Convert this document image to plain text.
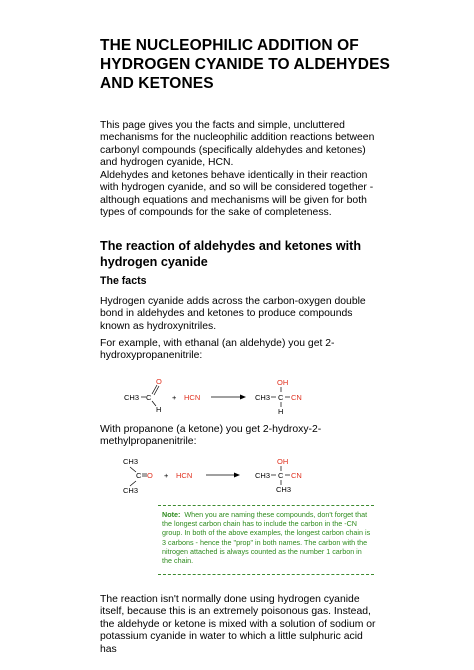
THE NUCLEOPHILIC ADDITION OF HYDROGEN CYANIDE TO ALDEHYDES AND KETONES

This page gives you the facts and simple, uncluttered mechanisms for the nucleophilic addition reactions between carbonyl compounds (specifically aldehydes and ketones) and hydrogen cyanide, HCN.

Aldehydes and ketones behave identically in their reaction with hydrogen cyanide, and so will be considered together - although equations and mechanisms will be given for both types of compounds for the sake of completeness.

The reaction of aldehydes and ketones with hydrogen cyanide
The facts

Hydrogen cyanide adds across the carbon-oxygen double bond in aldehydes and ketones to produce compounds known as hydroxynitriles.

For example, with ethanal (an aldehyde) you get 2-hydroxypropanenitrile:

CH3 C
O
H
+ HCN
OH
CH3 C CN
H

With propanone (a ketone) you get 2-hydroxy-2-methylpropanenitrile:

CH3
C O
CH3
+ HCN
OH
CH3 C CN
CH3
Note: When you are naming these compounds, don't forget that the longest carbon chain has to include the carbon in the -CN group. In both of the above examples, the longest carbon chain is 3 carbons - hence the "prop" in both names. The carbon with the nitrogen attached is always counted as the number 1 carbon in the chain.

The reaction isn't normally done using hydrogen cyanide itself, because this is an extremely poisonous gas. Instead, the aldehyde or ketone is mixed with a solution of sodium or potassium cyanide in water to which a little sulphuric acid has
